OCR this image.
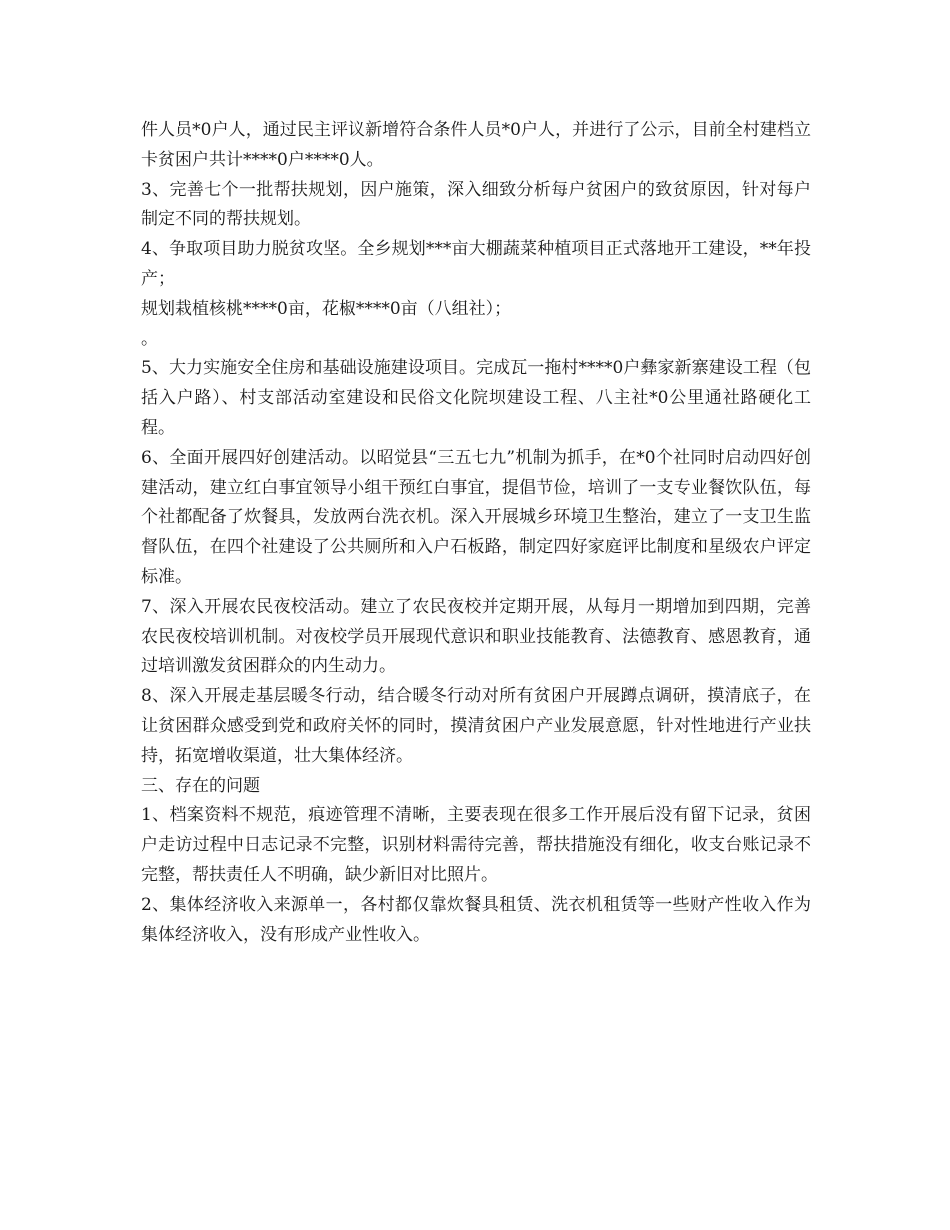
件人员*0户人，通过民主评议新增符合条件人员*0户人，并进行了公示，目前全村建档立卡贫困户共计****0户****0人。

3、完善七个一批帮扶规划，因户施策，深入细致分析每户贫困户的致贫原因，针对每户制定不同的帮扶规划。

4、争取项目助力脱贫攻坚。全乡规划***亩大棚蔬菜种植项目正式落地开工建设，**年投产；

规划栽植核桃****0亩，花椒****0亩（八组社）；

。

5、大力实施安全住房和基础设施建设项目。完成瓦一拖村****0户彝家新寨建设工程（包括入户路）、村支部活动室建设和民俗文化院坝建设工程、八主社*0公里通社路硬化工程。

6、全面开展四好创建活动。以昭觉县“三五七九”机制为抓手，在*0个社同时启动四好创建活动，建立红白事宜领导小组干预红白事宜，提倡节俭，培训了一支专业餐饮队伍，每个社都配备了炊餐具，发放两台洗衣机。深入开展城乡环境卫生整治，建立了一支卫生监督队伍，在四个社建设了公共厕所和入户石板路，制定四好家庭评比制度和星级农户评定标准。

7、深入开展农民夜校活动。建立了农民夜校并定期开展，从每月一期增加到四期，完善农民夜校培训机制。对夜校学员开展现代意识和职业技能教育、法德教育、感恩教育，通过培训激发贫困群众的内生动力。

8、深入开展走基层暖冬行动，结合暖冬行动对所有贫困户开展蹲点调研，摸清底子，在让贫困群众感受到党和政府关怀的同时，摸清贫困户产业发展意愿，针对性地进行产业扶持，拓宽增收渠道，壮大集体经济。

三、存在的问题

1、档案资料不规范，痕迹管理不清晰，主要表现在很多工作开展后没有留下记录，贫困户走访过程中日志记录不完整，识别材料需待完善，帮扶措施没有细化，收支台账记录不完整，帮扶责任人不明确，缺少新旧对比照片。

2、集体经济收入来源单一，各村都仅靠炊餐具租赁、洗衣机租赁等一些财产性收入作为集体经济收入，没有形成产业性收入。
